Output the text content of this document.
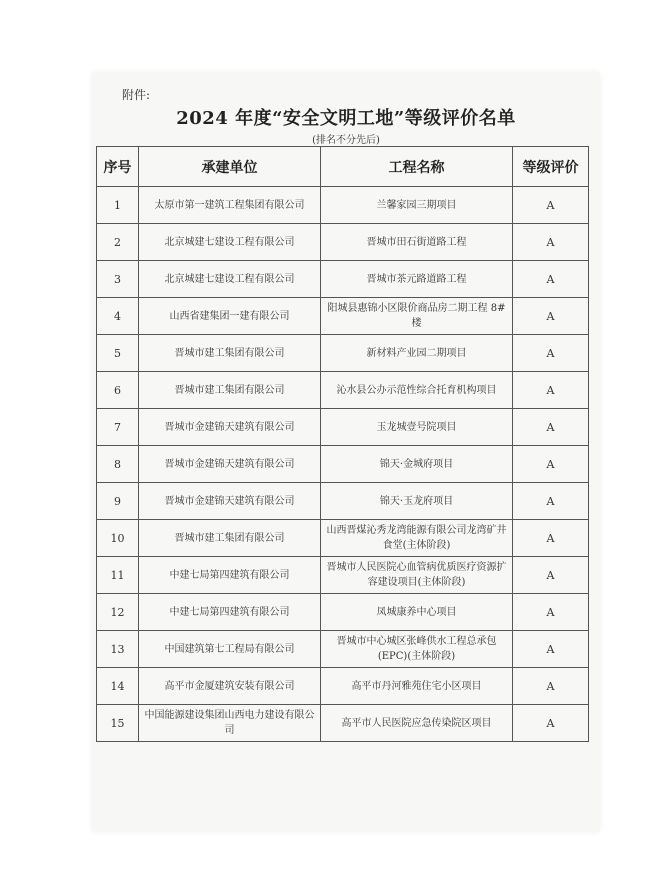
附件:
2024 年度“安全文明工地”等级评价名单
(排名不分先后)
序号	承建单位	工程名称	等级评价
1	太原市第一建筑工程集团有限公司	兰馨家园三期项目	A
2	北京城建七建设工程有限公司	晋城市田石街道路工程	A
3	北京城建七建设工程有限公司	晋城市茶元路道路工程	A
4	山西省建集团一建有限公司	阳城县惠锦小区限价商品房二期工程 8#楼	A
5	晋城市建工集团有限公司	新材料产业园二期项目	A
6	晋城市建工集团有限公司	沁水县公办示范性综合托育机构项目	A
7	晋城市金建锦天建筑有限公司	玉龙城壹号院项目	A
8	晋城市金建锦天建筑有限公司	锦天·金城府项目	A
9	晋城市金建锦天建筑有限公司	锦天·玉龙府项目	A
10	晋城市建工集团有限公司	山西晋煤沁秀龙湾能源有限公司龙湾矿井食堂(主体阶段)	A
11	中建七局第四建筑有限公司	晋城市人民医院心血管病优质医疗资源扩容建设项目(主体阶段)	A
12	中建七局第四建筑有限公司	凤城康养中心项目	A
13	中国建筑第七工程局有限公司	晋城市中心城区张峰供水工程总承包(EPC)(主体阶段)	A
14	高平市金厦建筑安装有限公司	高平市丹河雅苑住宅小区项目	A
15	中国能源建设集团山西电力建设有限公司	高平市人民医院应急传染院区项目	A
